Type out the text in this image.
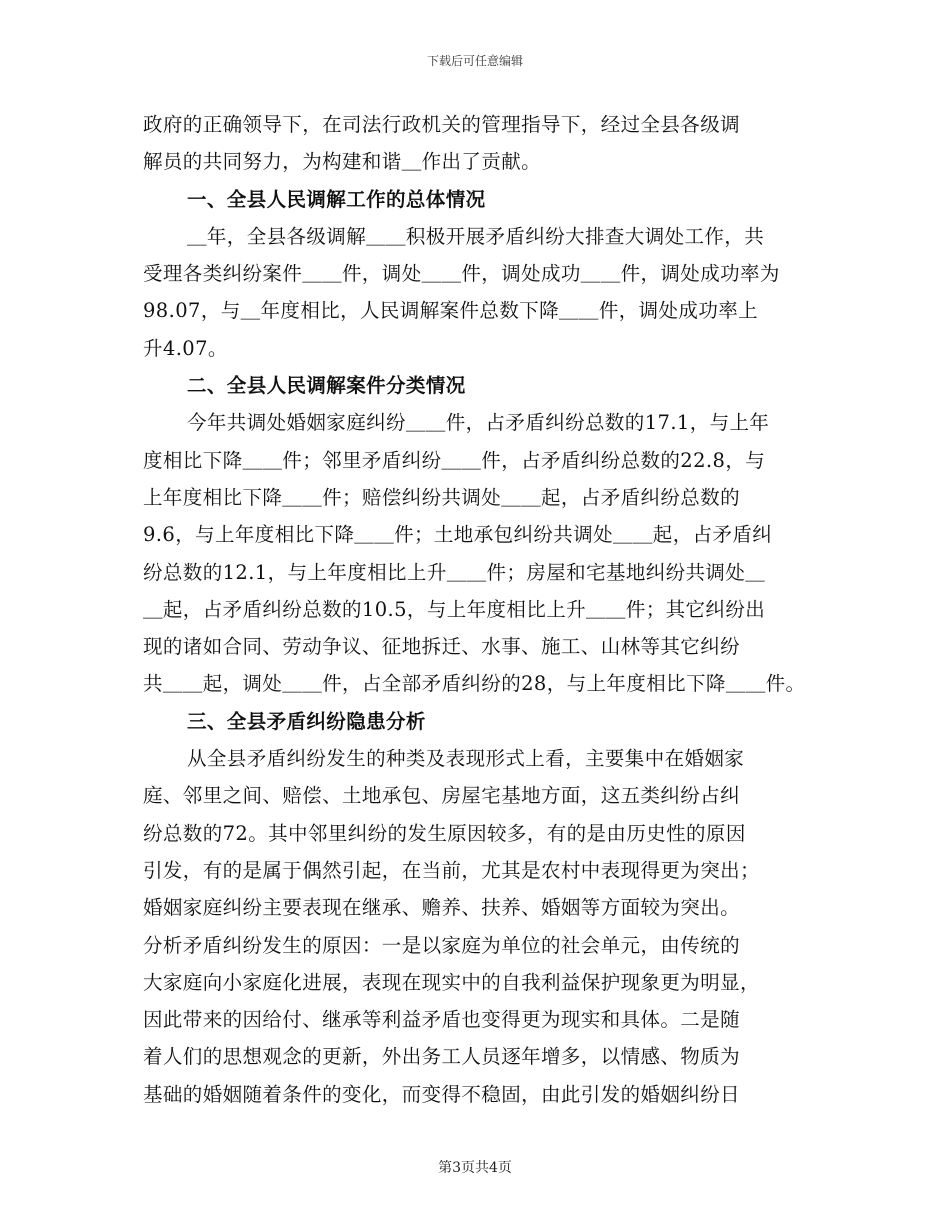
下载后可任意编辑
政府的正确领导下，在司法行政机关的管理指导下，经过全县各级调
解员的共同努力，为构建和谐＿作出了贡献。
一、全县人民调解工作的总体情况
＿年，全县各级调解＿＿积极开展矛盾纠纷大排查大调处工作，共
受理各类纠纷案件＿＿件，调处＿＿件，调处成功＿＿件，调处成功率为
98.07，与＿年度相比，人民调解案件总数下降＿＿件，调处成功率上
升4.07。
二、全县人民调解案件分类情况
今年共调处婚姻家庭纠纷＿＿件，占矛盾纠纷总数的17.1，与上年
度相比下降＿＿件；邻里矛盾纠纷＿＿件，占矛盾纠纷总数的22.8，与
上年度相比下降＿＿件；赔偿纠纷共调处＿＿起，占矛盾纠纷总数的
9.6，与上年度相比下降＿＿件；土地承包纠纷共调处＿＿起，占矛盾纠
纷总数的12.1，与上年度相比上升＿＿件；房屋和宅基地纠纷共调处＿
＿起，占矛盾纠纷总数的10.5，与上年度相比上升＿＿件；其它纠纷出
现的诸如合同、劳动争议、征地拆迁、水事、施工、山林等其它纠纷
共＿＿起，调处＿＿件，占全部矛盾纠纷的28，与上年度相比下降＿＿件。
三、全县矛盾纠纷隐患分析
从全县矛盾纠纷发生的种类及表现形式上看，主要集中在婚姻家
庭、邻里之间、赔偿、土地承包、房屋宅基地方面，这五类纠纷占纠
纷总数的72。其中邻里纠纷的发生原因较多，有的是由历史性的原因
引发，有的是属于偶然引起，在当前，尤其是农村中表现得更为突出；
婚姻家庭纠纷主要表现在继承、赡养、扶养、婚姻等方面较为突出。
分析矛盾纠纷发生的原因：一是以家庭为单位的社会单元，由传统的
大家庭向小家庭化进展，表现在现实中的自我利益保护现象更为明显，
因此带来的因给付、继承等利益矛盾也变得更为现实和具体。二是随
着人们的思想观念的更新，外出务工人员逐年增多，以情感、物质为
基础的婚姻随着条件的变化，而变得不稳固，由此引发的婚姻纠纷日
第3页共4页
